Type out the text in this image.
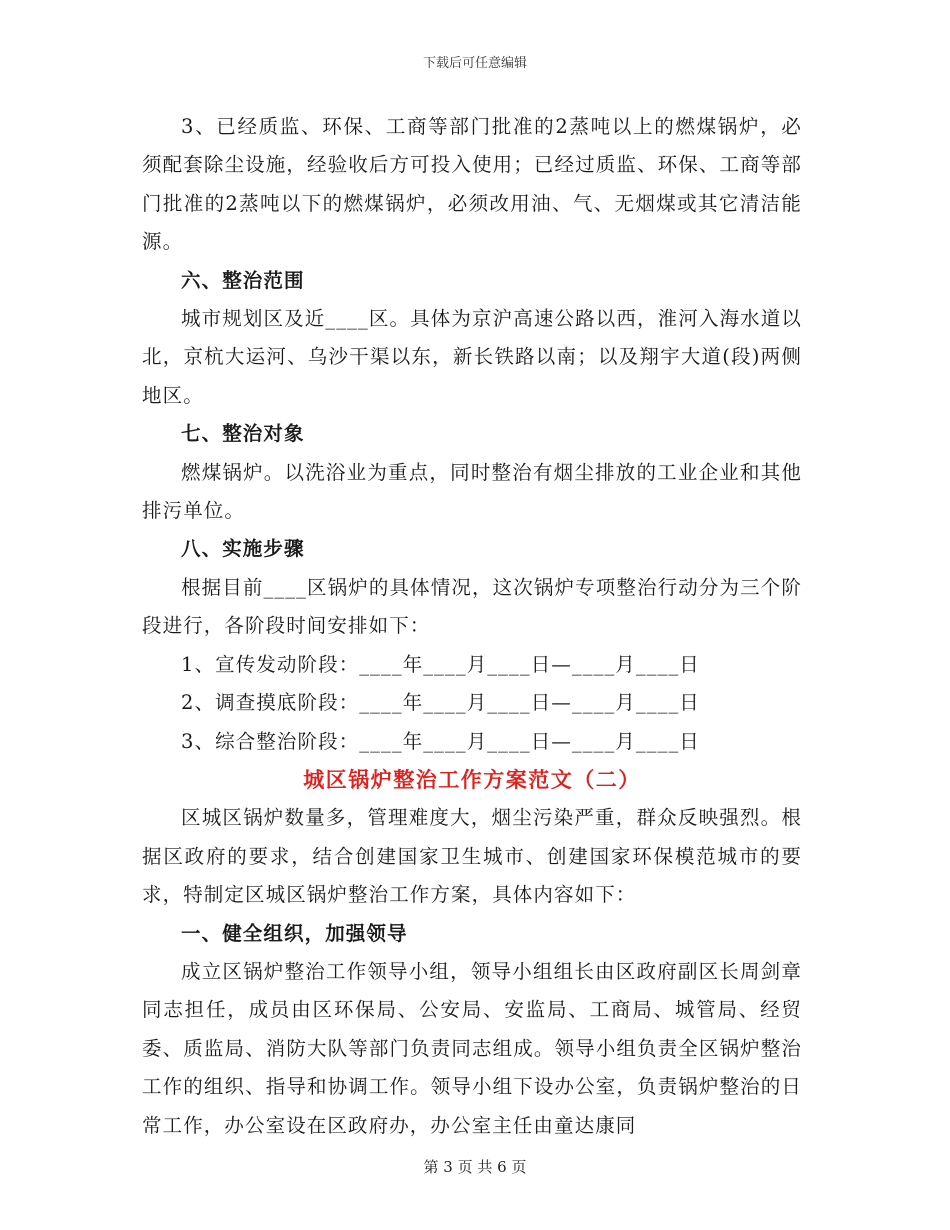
下载后可任意编辑

3、已经质监、环保、工商等部门批准的2蒸吨以上的燃煤锅炉，必须配套除尘设施，经验收后方可投入使用；已经过质监、环保、工商等部门批准的2蒸吨以下的燃煤锅炉，必须改用油、气、无烟煤或其它清洁能源。

六、整治范围

城市规划区及近____区。具体为京沪高速公路以西，淮河入海水道以北，京杭大运河、乌沙干渠以东，新长铁路以南；以及翔宇大道(段)两侧地区。

七、整治对象

燃煤锅炉。以洗浴业为重点，同时整治有烟尘排放的工业企业和其他排污单位。

八、实施步骤

根据目前____区锅炉的具体情况，这次锅炉专项整治行动分为三个阶段进行，各阶段时间安排如下：

1、宣传发动阶段：____年____月____日—____月____日

2、调查摸底阶段：____年____月____日—____月____日

3、综合整治阶段：____年____月____日—____月____日

城区锅炉整治工作方案范文（二）

区城区锅炉数量多，管理难度大，烟尘污染严重，群众反映强烈。根据区政府的要求，结合创建国家卫生城市、创建国家环保模范城市的要求，特制定区城区锅炉整治工作方案，具体内容如下：

一、健全组织，加强领导

成立区锅炉整治工作领导小组，领导小组组长由区政府副区长周剑章同志担任，成员由区环保局、公安局、安监局、工商局、城管局、经贸委、质监局、消防大队等部门负责同志组成。领导小组负责全区锅炉整治工作的组织、指导和协调工作。领导小组下设办公室，负责锅炉整治的日常工作，办公室设在区政府办，办公室主任由童达康同

第 3 页 共 6 页
